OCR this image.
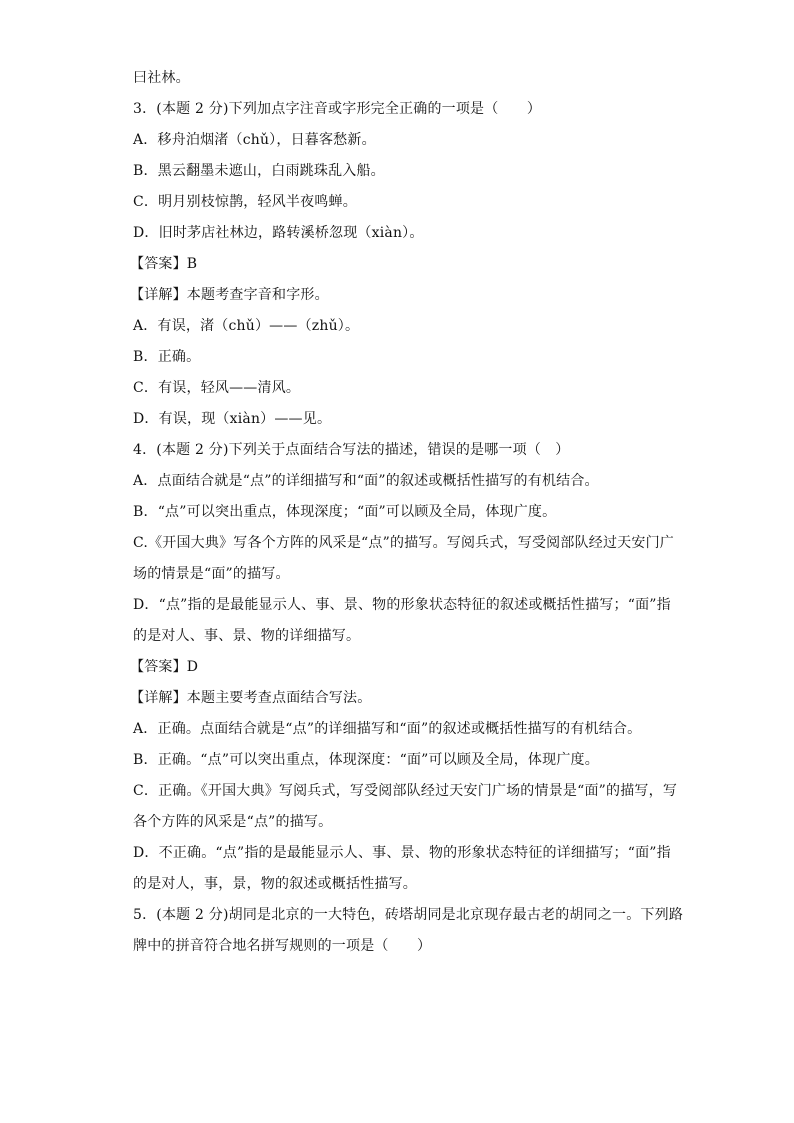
曰社林。
3．(本题 2 分)下列加点字注音或字形完全正确的一项是（　　）
A．移舟泊烟渚（chǔ），日暮客愁新。
B．黑云翻墨未遮山，白雨跳珠乱入船。
C．明月别枝惊鹊，轻风半夜鸣蝉。
D．旧时茅店社林边，路转溪桥忽现（xiàn）。
【答案】B
【详解】本题考查字音和字形。
A．有误，渚（chǔ）——（zhǔ）。
B．正确。
C．有误，轻风——清风。
D．有误，现（xiàn）——见。
4．(本题 2 分)下列关于点面结合写法的描述，错误的是哪一项（　）
A．点面结合就是“点”的详细描写和“面”的叙述或概括性描写的有机结合。
B．“点”可以突出重点，体现深度；“面”可以顾及全局，体现广度。
C.《开国大典》写各个方阵的风采是“点”的描写。写阅兵式，写受阅部队经过天安门广
场的情景是“面”的描写。
D．“点”指的是最能显示人、事、景、物的形象状态特征的叙述或概括性描写；“面”指
的是对人、事、景、物的详细描写。
【答案】D
【详解】本题主要考查点面结合写法。
A．正确。点面结合就是“点”的详细描写和“面”的叙述或概括性描写的有机结合。
B．正确。“点”可以突出重点，体现深度：“面”可以顾及全局，体现广度。
C．正确。《开国大典》写阅兵式，写受阅部队经过天安门广场的情景是“面”的描写，写
各个方阵的风采是“点”的描写。
D．不正确。“点”指的是最能显示人、事、景、物的形象状态特征的详细描写；“面”指
的是对人，事，景，物的叙述或概括性描写。
5．(本题 2 分)胡同是北京的一大特色，砖塔胡同是北京现存最古老的胡同之一。下列路
牌中的拼音符合地名拼写规则的一项是（　　）
